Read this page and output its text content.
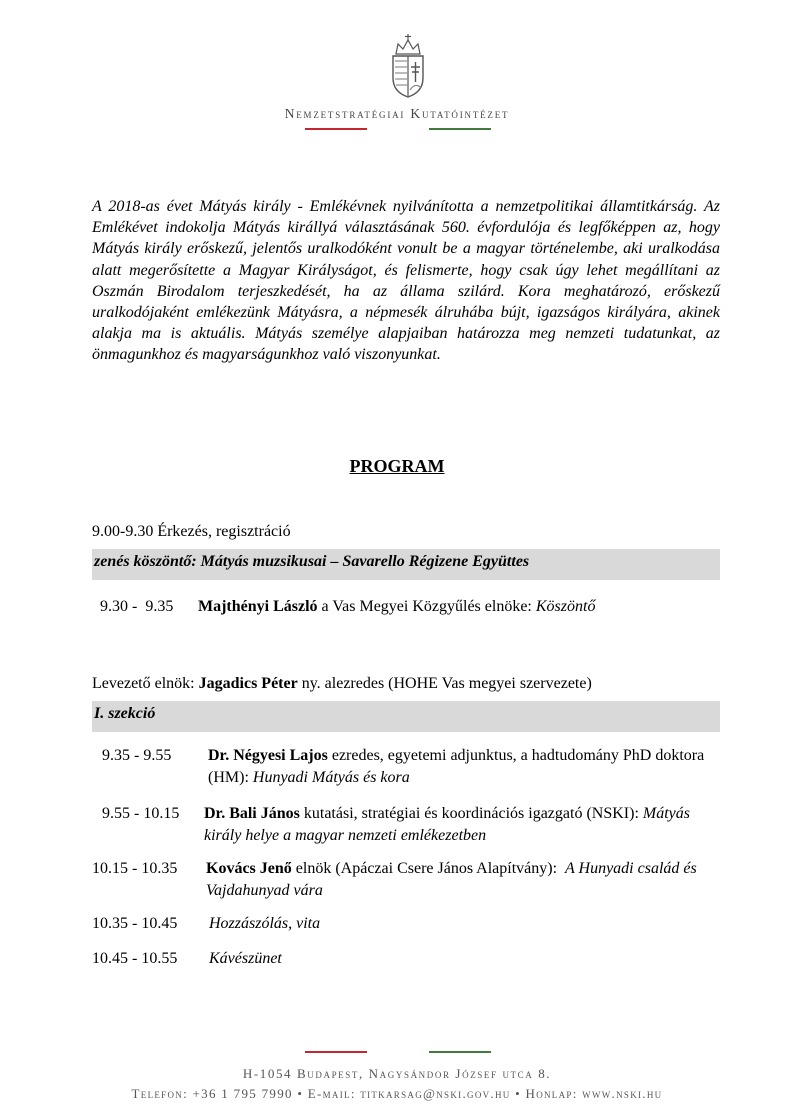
Nemzetstratégiai Kutatóintézet
A 2018-as évet Mátyás király - Emlékévnek nyilvánította a nemzetpolitikai államtitkárság. Az Emlékévet indokolja Mátyás királlyá választásának 560. évfordulója és legfőképpen az, hogy Mátyás király erőskezű, jelentős uralkodóként vonult be a magyar történelembe, aki uralkodása alatt megerősítette a Magyar Királyságot, és felismerte, hogy csak úgy lehet megállítani az Oszmán Birodalom terjeszkedését, ha az állama szilárd. Kora meghatározó, erőskezű uralkodójaként emlékezünk Mátyásra, a népmesék álruhába bújt, igazságos királyára, akinek alakja ma is aktuális. Mátyás személye alapjaiban határozza meg nemzeti tudatunkat, az önmagunkhoz és magyarságunkhoz való viszonyunkat.
PROGRAM
9.00-9.30 Érkezés, regisztráció
zenés köszöntő: Mátyás muzsikusai – Savarello Régizene Együttes
9.30 -  9.35 Majthényi László a Vas Megyei Közgyűlés elnöke: Köszöntő
Levezető elnök: Jagadics Péter ny. alezredes (HOHE Vas megyei szervezete)
I. szekció
9.35 - 9.55 Dr. Négyesi Lajos ezredes, egyetemi adjunktus, a hadtudomány PhD doktora (HM): Hunyadi Mátyás és kora
9.55 - 10.15 Dr. Bali János kutatási, stratégiai és koordinációs igazgató (NSKI): Mátyás király helye a magyar nemzeti emlékezetben
10.15 - 10.35 Kovács Jenő elnök (Apáczai Csere János Alapítvány):  A Hunyadi család és Vajdahunyad vára
10.35 - 10.45 Hozzászólás, vita
10.45 - 10.55 Kávészünet
H-1054 Budapest, Nagysándor József utca 8.
Telefon: +36 1 795 7990 • E-mail: titkarsag@nski.gov.hu • Honlap: www.nski.hu
